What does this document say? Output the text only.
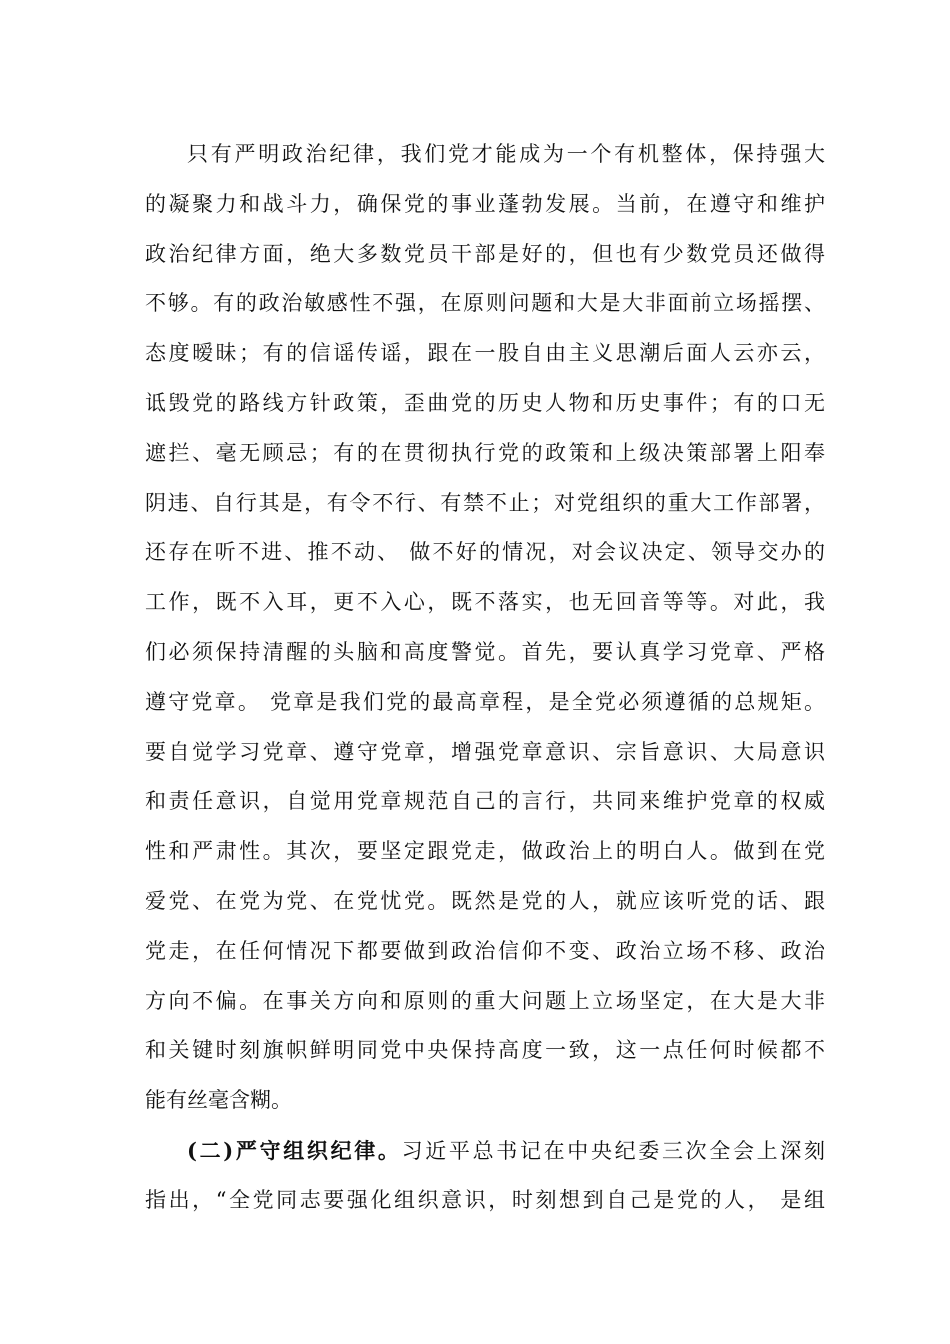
只有严明政治纪律，我们党才能成为一个有机整体，保持强大
的凝聚力和战斗力，确保党的事业蓬勃发展。当前，在遵守和维护
政治纪律方面，绝大多数党员干部是好的，但也有少数党员还做得
不够。有的政治敏感性不强，在原则问题和大是大非面前立场摇摆、
态度暧昧；有的信谣传谣，跟在一股自由主义思潮后面人云亦云，
诋毁党的路线方针政策，歪曲党的历史人物和历史事件；有的口无
遮拦、毫无顾忌；有的在贯彻执行党的政策和上级决策部署上阳奉
阴违、自行其是，有令不行、有禁不止；对党组织的重大工作部署，
还存在听不进、推不动、 做不好的情况，对会议决定、领导交办的
工作，既不入耳，更不入心，既不落实，也无回音等等。对此，我
们必须保持清醒的头脑和高度警觉。首先，要认真学习党章、严格
遵守党章。 党章是我们党的最高章程，是全党必须遵循的总规矩。
要自觉学习党章、遵守党章，增强党章意识、宗旨意识、大局意识
和责任意识，自觉用党章规范自己的言行，共同来维护党章的权威
性和严肃性。其次，要坚定跟党走，做政治上的明白人。做到在党
爱党、在党为党、在党忧党。既然是党的人，就应该听党的话、跟
党走，在任何情况下都要做到政治信仰不变、政治立场不移、政治
方向不偏。在事关方向和原则的重大问题上立场坚定，在大是大非
和关键时刻旗帜鲜明同党中央保持高度一致，这一点任何时候都不
能有丝毫含糊。
(二)严守组织纪律。习近平总书记在中央纪委三次全会上深刻
指出，“全党同志要强化组织意识，时刻想到自己是党的人， 是组
